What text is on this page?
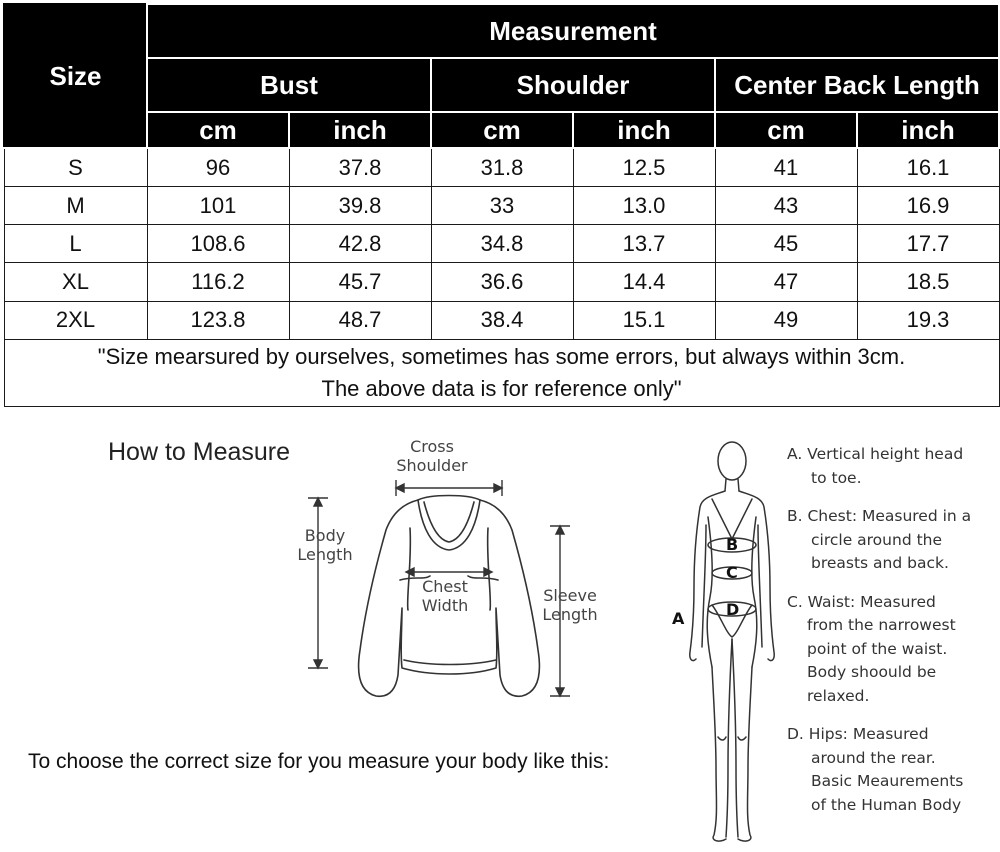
Size	Measurement					
	Bust		Shoulder		Center Back Length	
	cm	inch	cm	inch	cm	inch
S	96	37.8	31.8	12.5	41	16.1
M	101	39.8	33	13.0	43	16.9
L	108.6	42.8	34.8	13.7	45	17.7
XL	116.2	45.7	36.6	14.4	47	18.5
2XL	123.8	48.7	38.4	15.1	49	19.3

"Size mearsured by ourselves, sometimes has some errors, but always within 3cm.
The above data is for reference only"						
How to Measure	Cross
Shoulder
Body
Length
Chest
Width
Sleeve
Length
To choose the correct size for you measure your body like this:
A
B
C
D
A. Vertical height head
to toe.
B. Chest: Measured in a
circle around the
breasts and back.
C. Waist: Measured
from the narrowest
point of the waist.
Body shoould be
relaxed.
D. Hips: Measured
around the rear.
Basic Meaurements
of the Human Body
